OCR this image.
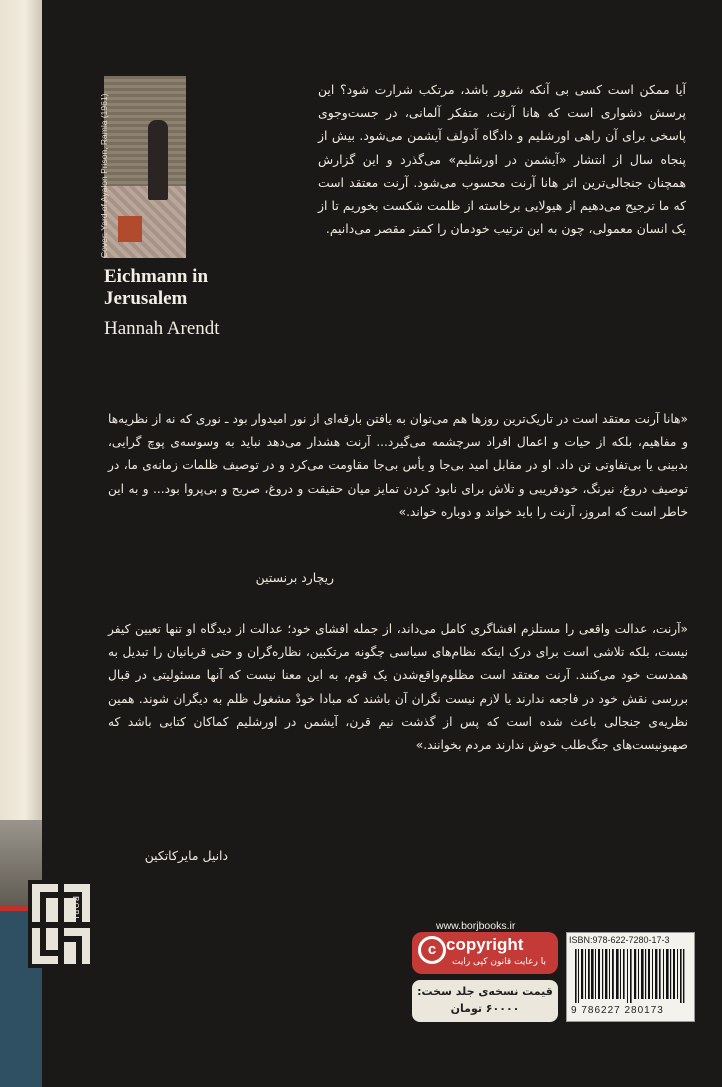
BORJ
Cover: Yard of Ayalon Prison, Ramla (1961)
Eichmann in
Jerusalem
Hannah Arendt
آیا ممکن است کسی بی آنکه شرور باشد، مرتکب شرارت شود؟ این پرسش دشواری است که هانا آرنت، متفکر آلمانی، در جست‌وجوی پاسخی برای آن راهی اورشلیم و دادگاه آدولف آیشمن می‌شود. بیش از پنجاه سال از انتشار «آیشمن در اورشلیم» می‌گذرد و این گزارش همچنان جنجالی‌ترین اثر هانا آرنت محسوب می‌شود. آرنت معتقد است که ما ترجیح می‌دهیم از هیولایی برخاسته از ظلمت شکست بخوریم تا از یک انسان معمولی، چون به این ترتیب خودمان را کمتر مقصر می‌دانیم.
«هانا آرنت معتقد است در تاریک‌ترین روزها هم می‌توان به یافتن بارقه‌ای از نور امیدوار بود ـ نوری که نه از نظریه‌ها و مفاهیم، بلکه از حیات و اعمال افراد سرچشمه می‌گیرد... آرنت هشدار می‌دهد نباید به وسوسه‌ی پوچ گرایی، بدبینی یا بی‌تفاوتی تن داد. او در مقابل امید بی‌جا و یأس بی‌جا مقاومت می‌کرد و در توصیف ظلمات زمانه‌ی ما، در توصیف دروغ، نیرنگ، خودفریبی و تلاش برای نابود کردن تمایز میان حقیقت و دروغ، صریح و بی‌پروا بود... و به این خاطر است که امروز، آرنت را باید خواند و دوباره خواند.»
ریچارد برنستین
«آرنت، عدالت واقعی را مستلزم افشاگری کامل می‌داند، از جمله افشای خود؛ عدالت از دیدگاه او تنها تعیین کیفر نیست، بلکه تلاشی است برای درک اینکه نظام‌های سیاسی چگونه مرتکبین، نظاره‌گران و حتی قربانیان را تبدیل به همدست خود می‌کنند. آرنت معتقد است مظلوم‌واقع‌شدن یک قوم، به این معنا نیست که آنها مسئولیتی در قبال بررسی نقش خود در فاجعه ندارند یا لازم نیست نگران آن باشند که مبادا خودْ مشغول ظلم به دیگران شوند. همین نظریه‌ی جنجالی باعث شده است که پس از گذشت نیم قرن، آیشمن در اورشلیم کماکان کتابی باشد که صهیونیست‌های جنگ‌طلب خوش ندارند مردم بخوانند.»
دانیل مایرکاتکین
www.borjbooks.ir
c copyright
با رعایت قانون کپی رایت
قیمت نسخه‌ی جلد سخت:
۶۰۰۰۰ تومان
ISBN:978-622-7280-17-3
9 786227 280173
